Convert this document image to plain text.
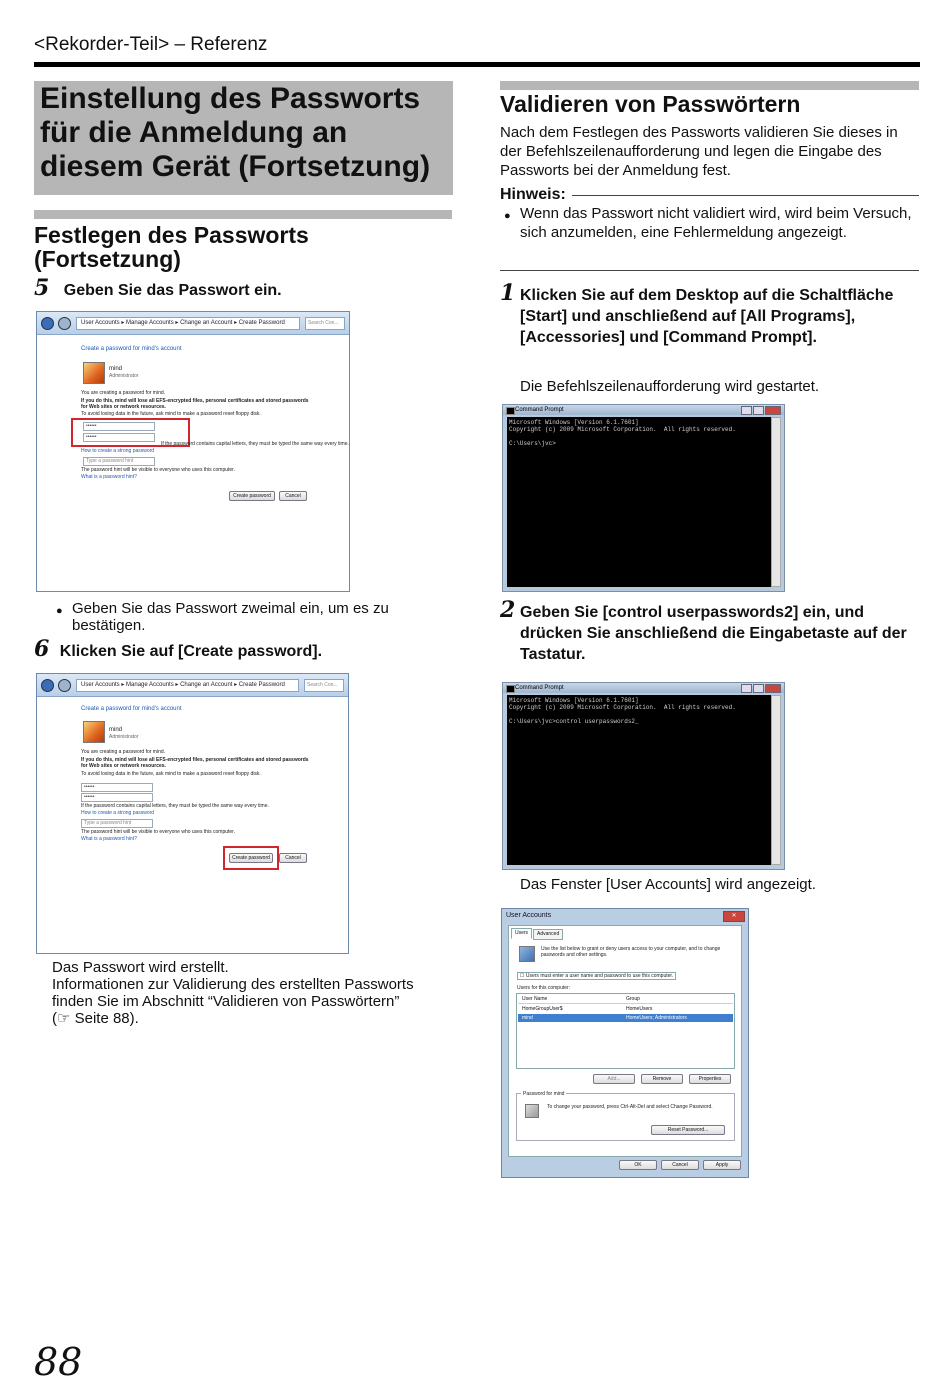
<Rekorder-Teil> – Referenz
Einstellung des Passworts für die Anmeldung an diesem Gerät (Fortsetzung)
Festlegen des Passworts (Fortsetzung)
5 Geben Sie das Passwort ein.
User Accounts ▸ Manage Accounts ▸ Change an Account ▸ Create Password	Search Con...
Create a password for mind's account
mind
Administrator
You are creating a password for mind.
If you do this, mind will lose all EFS-encrypted files, personal certificates and stored passwords for Web sites or network resources.
To avoid losing data in the future, ask mind to make a password reset floppy disk.
••••••
••••••
If the password contains capital letters, they must be typed the same way every time.
How to create a strong password
Type a password hint
The password hint will be visible to everyone who uses this computer.
What is a password hint?
Create password	Cancel
● Geben Sie das Passwort zweimal ein, um es zu bestätigen.
6 Klicken Sie auf [Create password].
User Accounts ▸ Manage Accounts ▸ Change an Account ▸ Create Password	Search Con...
Create a password for mind's account
mind
Administrator
You are creating a password for mind.
If you do this, mind will lose all EFS-encrypted files, personal certificates and stored passwords for Web sites or network resources.
To avoid losing data in the future, ask mind to make a password reset floppy disk.
••••••
••••••
If the password contains capital letters, they must be typed the same way every time.
How to create a strong password
Type a password hint
The password hint will be visible to everyone who uses this computer.
What is a password hint?
Create password	Cancel
Das Passwort wird erstellt.
Informationen zur Validierung des erstellten Passworts finden Sie im Abschnitt “Validieren von Passwörtern”
(☞ Seite 88).
Validieren von Passwörtern
Nach dem Festlegen des Passworts validieren Sie dieses in der Befehlszeilenaufforderung und legen die Eingabe des Passworts bei der Anmeldung fest.
Hinweis:
● Wenn das Passwort nicht validiert wird, wird beim Versuch, sich anzumelden, eine Fehlermeldung angezeigt.
1 Klicken Sie auf dem Desktop auf die Schaltfläche [Start] und anschließend auf [All Programs], [Accessories] und [Command Prompt].
Die Befehlszeilenaufforderung wird gestartet.
Command Prompt
Microsoft Windows [Version 6.1.7601]
Copyright (c) 2009 Microsoft Corporation.  All rights reserved.

C:\Users\jvc>
2 Geben Sie [control userpasswords2] ein, und drücken Sie anschließend die Eingabetaste auf der Tastatur.
Command Prompt
Microsoft Windows [Version 6.1.7601]
Copyright (c) 2009 Microsoft Corporation.  All rights reserved.

C:\Users\jvc>control userpasswords2_
Das Fenster [User Accounts] wird angezeigt.
User Accounts	✕
Users	Advanced
Use the list below to grant or deny users access to your computer, and to change passwords and other settings.
☐ Users must enter a user name and password to use this computer.
Users for this computer:
User Name	Group
HomeGroupUser$	HomeUsers
mind	HomeUsers; Administrators
Add...	Remove	Properties
Password for mind
To change your password, press Ctrl-Alt-Del and select Change Password.
Reset Password...
OK	Cancel	Apply
88
